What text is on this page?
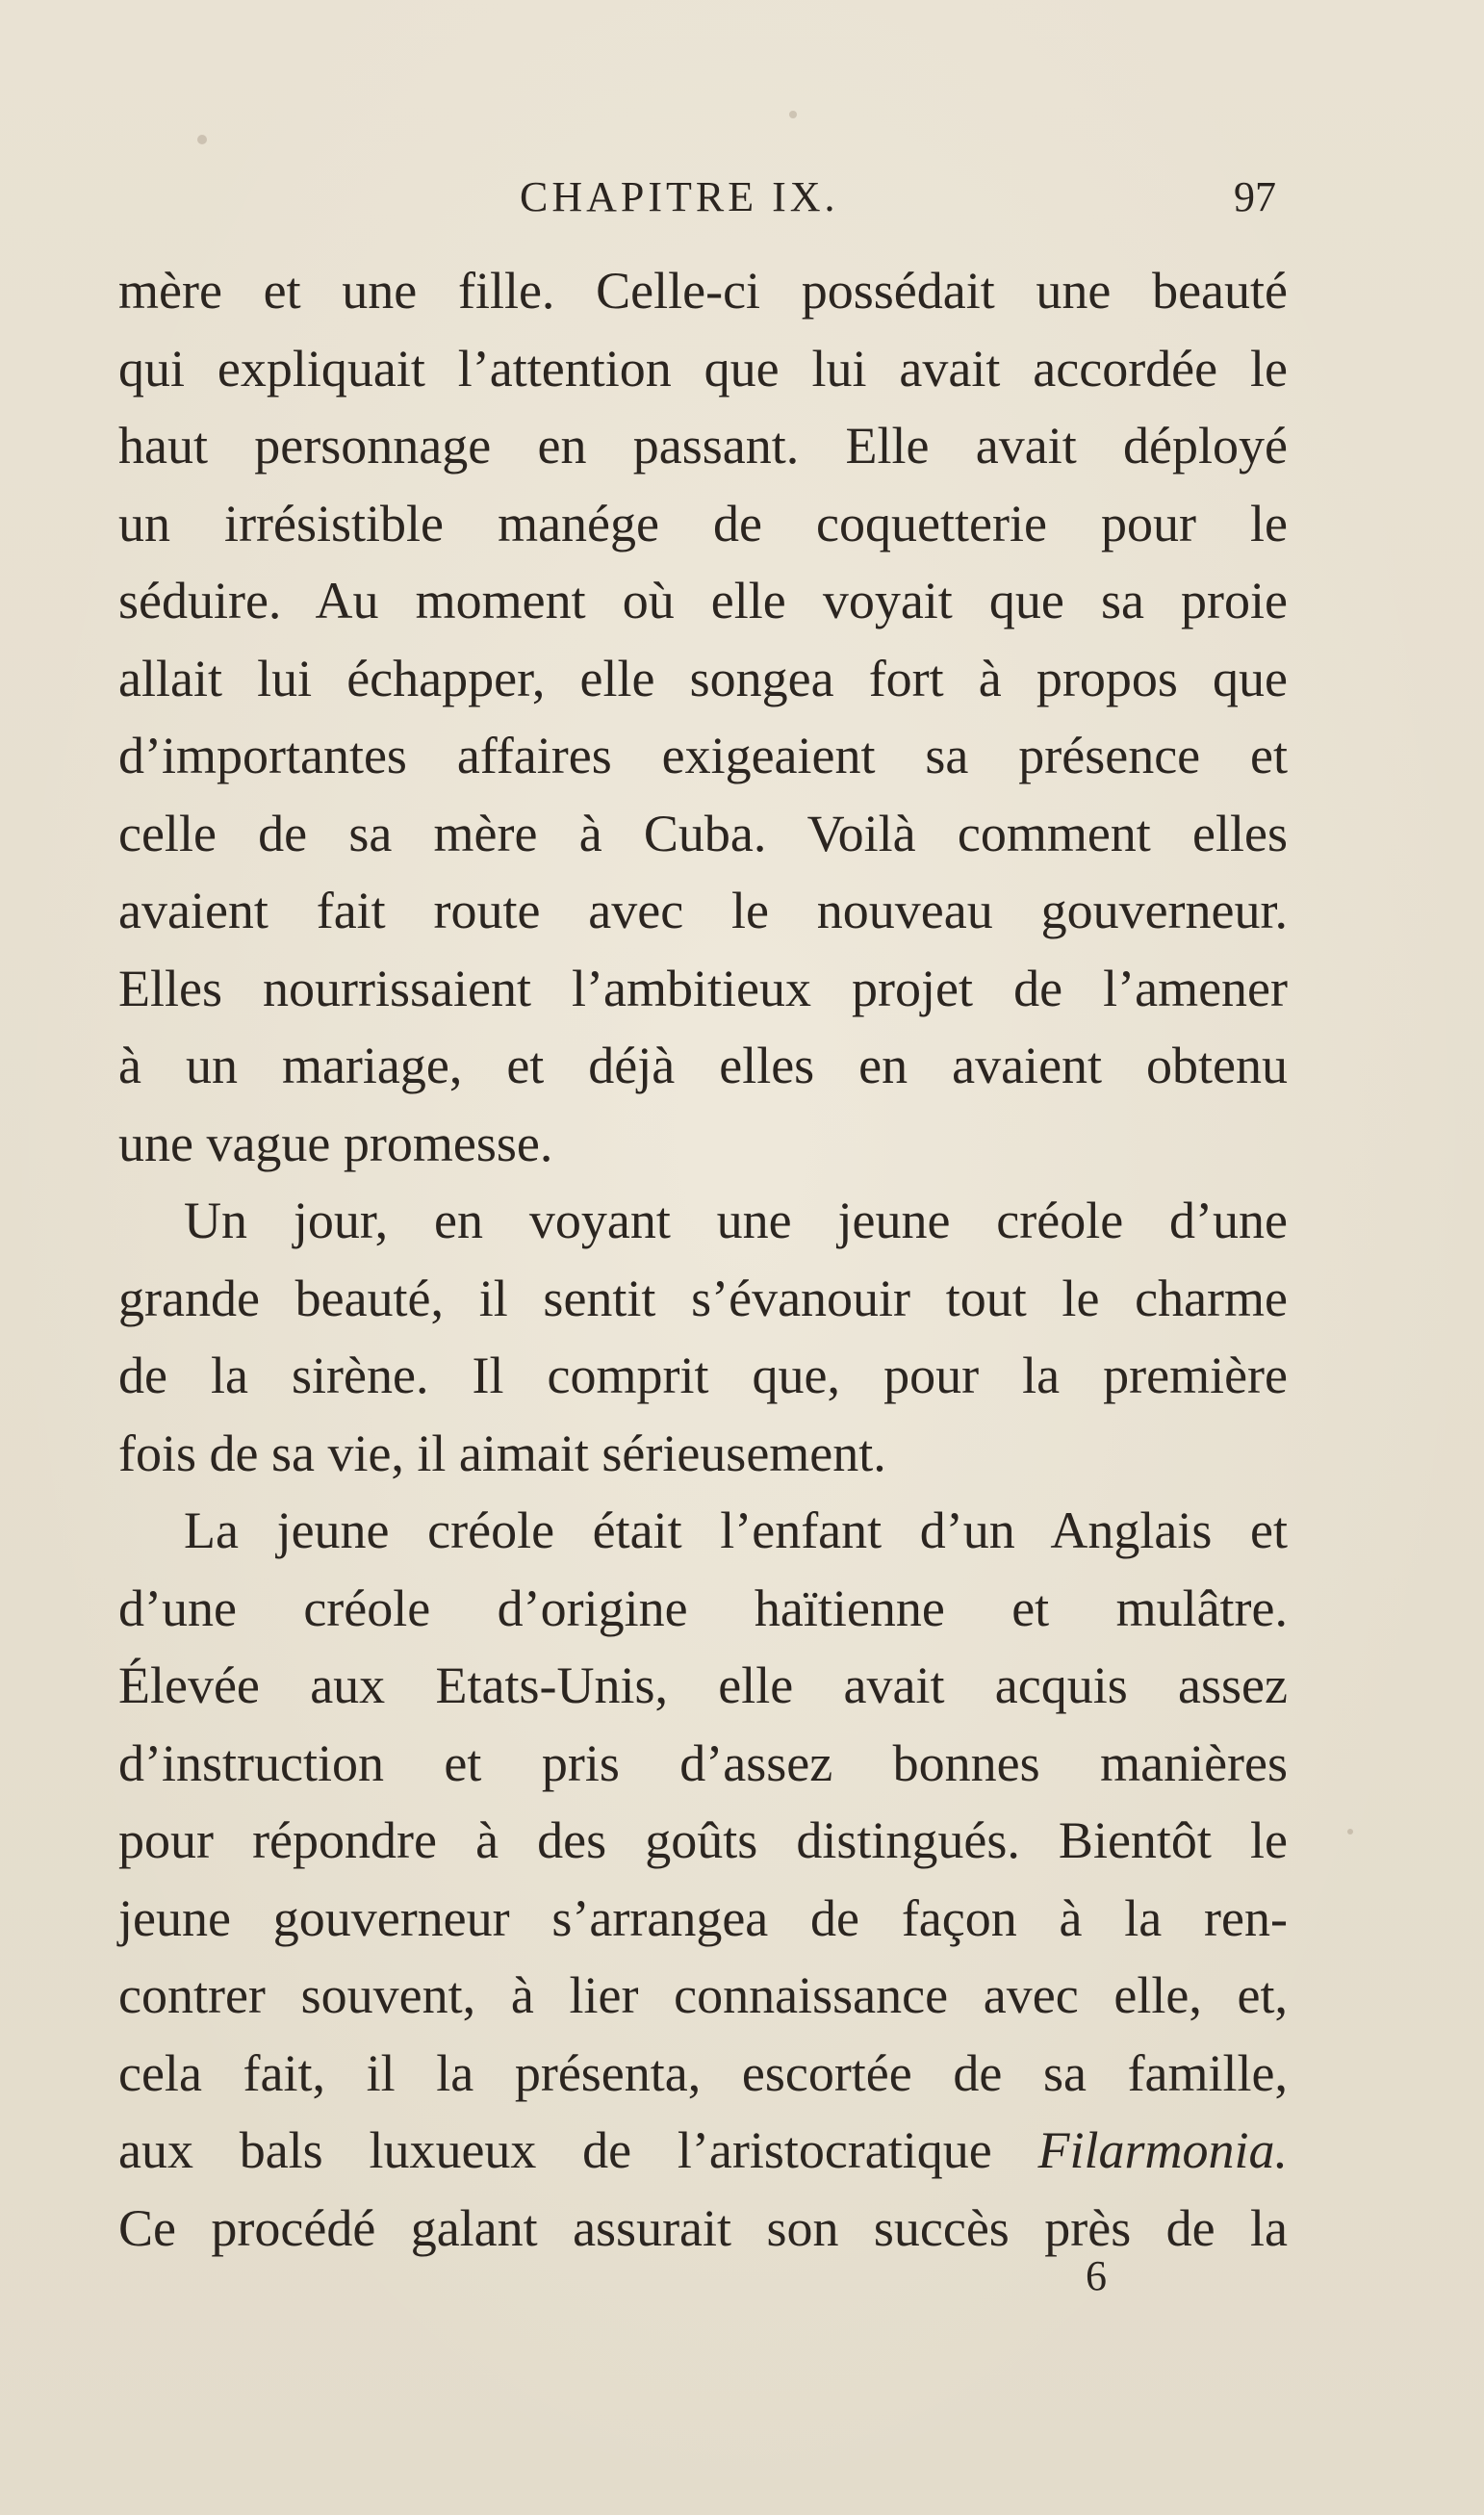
CHAPITRE IX.	97
mère et une fille. Celle-ci possédait une beauté
qui expliquait l’attention que lui avait accordée le
haut personnage en passant. Elle avait déployé
un irrésistible manége de coquetterie pour le
séduire. Au moment où elle voyait que sa proie
allait lui échapper, elle songea fort à propos que
d’importantes affaires exigeaient sa présence et
celle de sa mère à Cuba. Voilà comment elles
avaient fait route avec le nouveau gouverneur.
Elles nourrissaient l’ambitieux projet de l’amener
à un mariage, et déjà elles en avaient obtenu
une vague promesse.
Un jour, en voyant une jeune créole d’une
grande beauté, il sentit s’évanouir tout le charme
de la sirène. Il comprit que, pour la première
fois de sa vie, il aimait sérieusement.
La jeune créole était l’enfant d’un Anglais et
d’une créole d’origine haïtienne et mulâtre.
Élevée aux Etats-Unis, elle avait acquis assez
d’instruction et pris d’assez bonnes manières
pour répondre à des goûts distingués. Bientôt le
jeune gouverneur s’arrangea de façon à la ren-
contrer souvent, à lier connaissance avec elle, et,
cela fait, il la présenta, escortée de sa famille,
aux bals luxueux de l’aristocratique Filarmonia.
Ce procédé galant assurait son succès près de la
6
